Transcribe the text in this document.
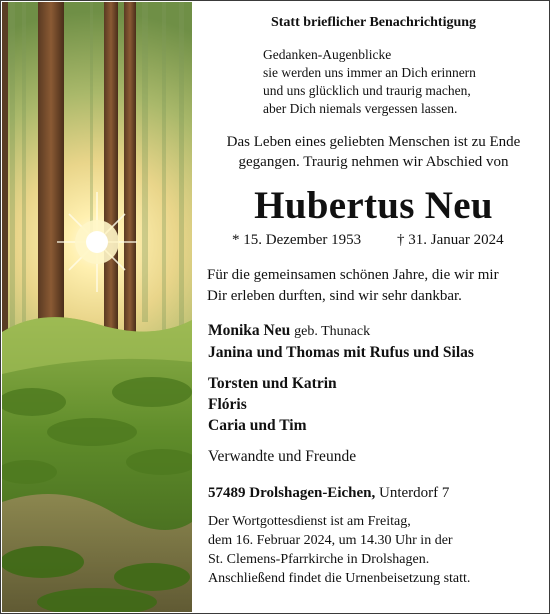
Statt brieflicher Benachrichtigung
Gedanken-Augenblicke
sie werden uns immer an Dich erinnern
und uns glücklich und traurig machen,
aber Dich niemals vergessen lassen.
Das Leben eines geliebten Menschen ist zu Ende
gegangen. Traurig nehmen wir Abschied von
Hubertus Neu
* 15. Dezember 1953 † 31. Januar 2024
Für die gemeinsamen schönen Jahre, die wir mir
Dir erleben durften, sind wir sehr dankbar.
Monika Neu geb. Thunack
Janina und Thomas mit Rufus und Silas
Torsten und Katrin
Flóris
Caria und Tim
Verwandte und Freunde
57489 Drolshagen-Eichen, Unterdorf 7
Der Wortgottesdienst ist am Freitag,
dem 16. Februar 2024, um 14.30 Uhr in der
St. Clemens-Pfarrkirche in Drolshagen.
Anschließend findet die Urnenbeisetzung statt.
